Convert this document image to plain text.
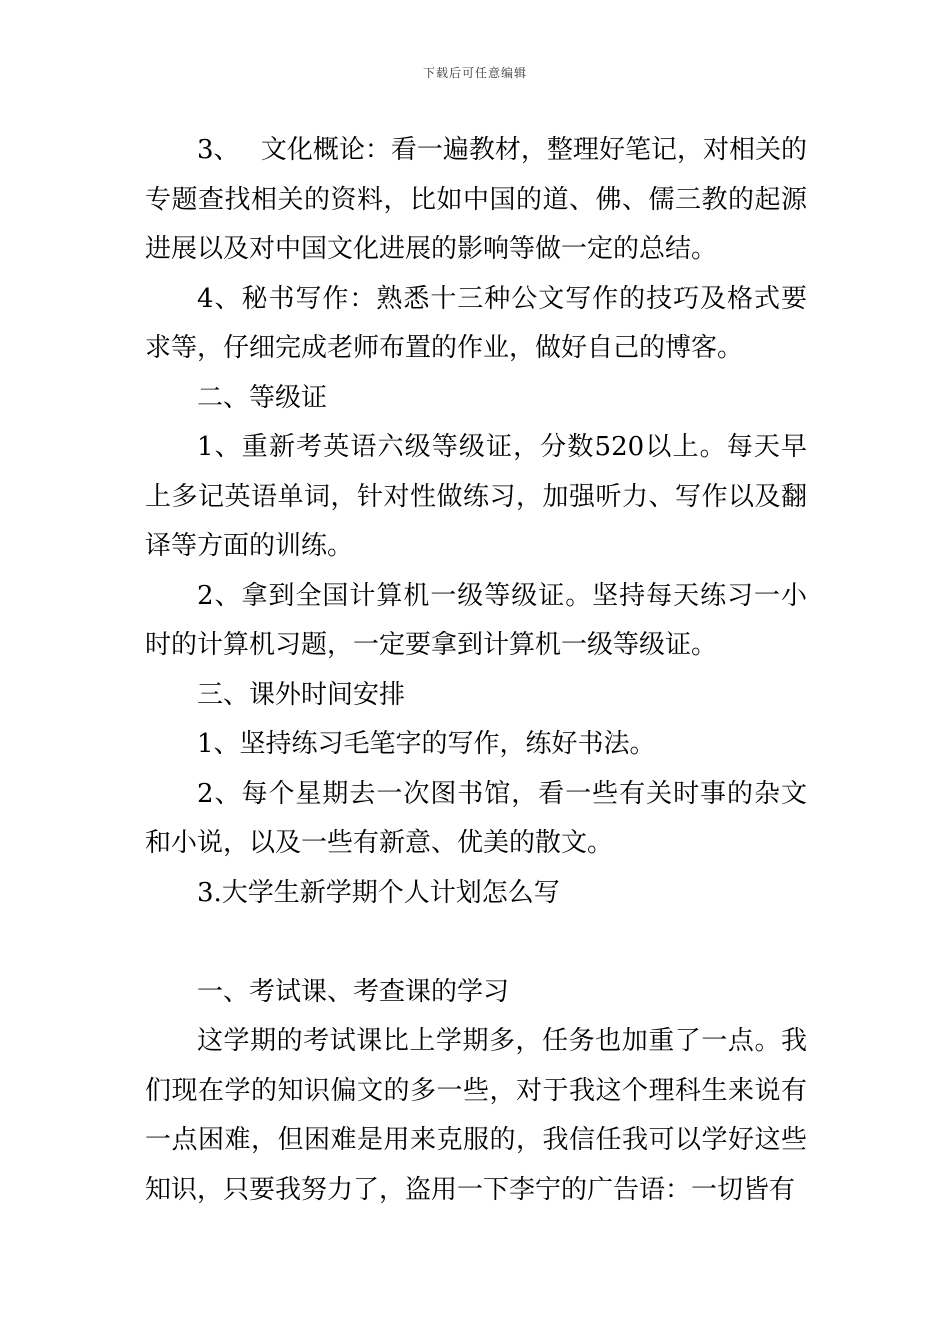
下载后可任意编辑

3、　 文化概论：看一遍教材，整理好笔记，对相关的专题查找相关的资料，比如中国的道、佛、儒三教的起源进展以及对中国文化进展的影响等做一定的总结。

4、秘书写作：熟悉十三种公文写作的技巧及格式要求等，仔细完成老师布置的作业，做好自己的博客。

二、等级证

1、重新考英语六级等级证，分数520以上。每天早上多记英语单词，针对性做练习，加强听力、写作以及翻译等方面的训练。

2、拿到全国计算机一级等级证。坚持每天练习一小时的计算机习题，一定要拿到计算机一级等级证。

三、课外时间安排

1、坚持练习毛笔字的写作，练好书法。

2、每个星期去一次图书馆，看一些有关时事的杂文和小说，以及一些有新意、优美的散文。

3.大学生新学期个人计划怎么写

一、考试课、考查课的学习

这学期的考试课比上学期多，任务也加重了一点。我们现在学的知识偏文的多一些，对于我这个理科生来说有一点困难，但困难是用来克服的，我信任我可以学好这些知识，只要我努力了，盗用一下李宁的广告语：一切皆有
